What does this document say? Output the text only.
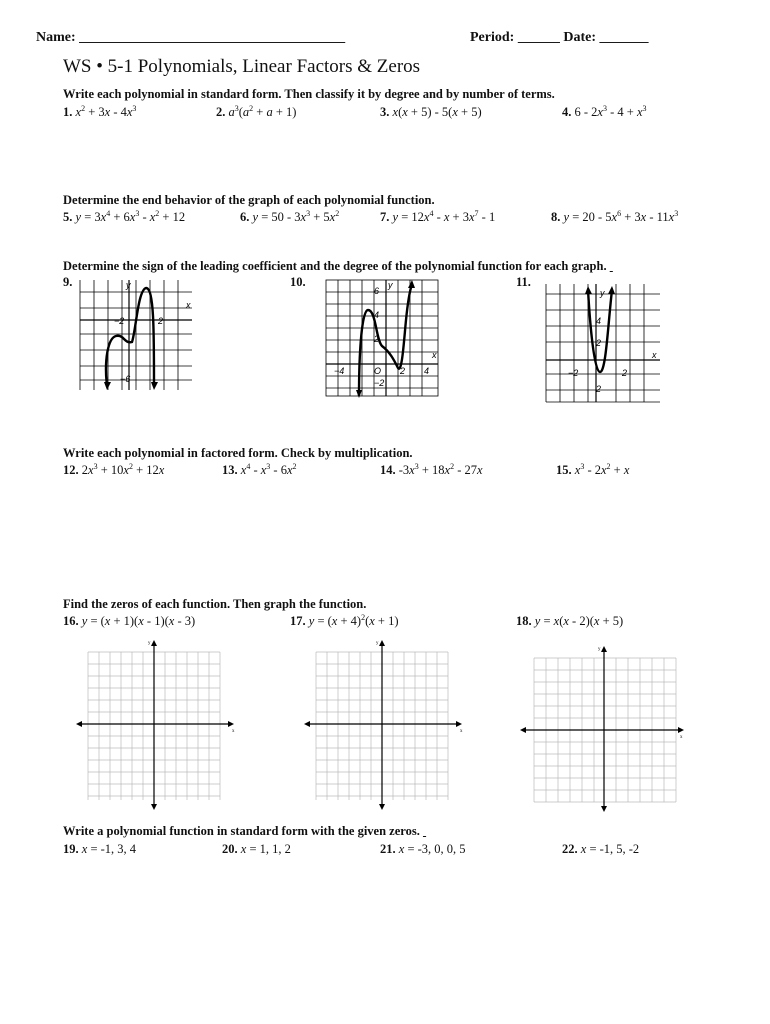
Name: ______________________________________	Period: ______ Date: _______
WS • 5-1 Polynomials, Linear Factors & Zeros
Write each polynomial in standard form. Then classify it by degree and by number of terms.
1. $x^2 + 3x - 4x^3$	2. $a^3(a^2 + a + 1)$	3. x(x + 5) - 5(x + 5)	4. $6 - 2x^3 - 4 + x^3$
Determine the end behavior of the graph of each polynomial function.
5. $y = 3x^4 + 6x^3 - x^2 + 12$	6. $y = 50 - 3x^3 + 5x^2$	7. $y = 12x^4 - x + 3x^7 - 1$	8. $y = 20 - 5x^6 + 3x - 11x^3$
Determine the sign of the leading coefficient and the degree of the polynomial function for each graph.
9.	10.	11.
y
x
−2	2
−6
y
6
4
2
x
−4	O 2 4
−2
y
4
2
x
−2	2
2
Write each polynomial in factored form. Check by multiplication.
12. $2x^3 + 10x^2 + 12x$	13. $x^4 - x^3 - 6x^2$	14. $-3x^3 + 18x^2 - 27x$	15. $x^3 - 2x^2 + x$
Find the zeros of each function. Then graph the function.
16. y = (x + 1)(x - 1)(x - 3)	17. $y = (x + 4)^2(x + 1)$	18. y = x(x - 2)(x + 5)
y
x
y
x
y
x
Write a polynomial function in standard form with the given zeros.
19. x = -1, 3, 4	20. x = 1, 1, 2	21. x = -3, 0, 0, 5	22. x = -1, 5, -2
